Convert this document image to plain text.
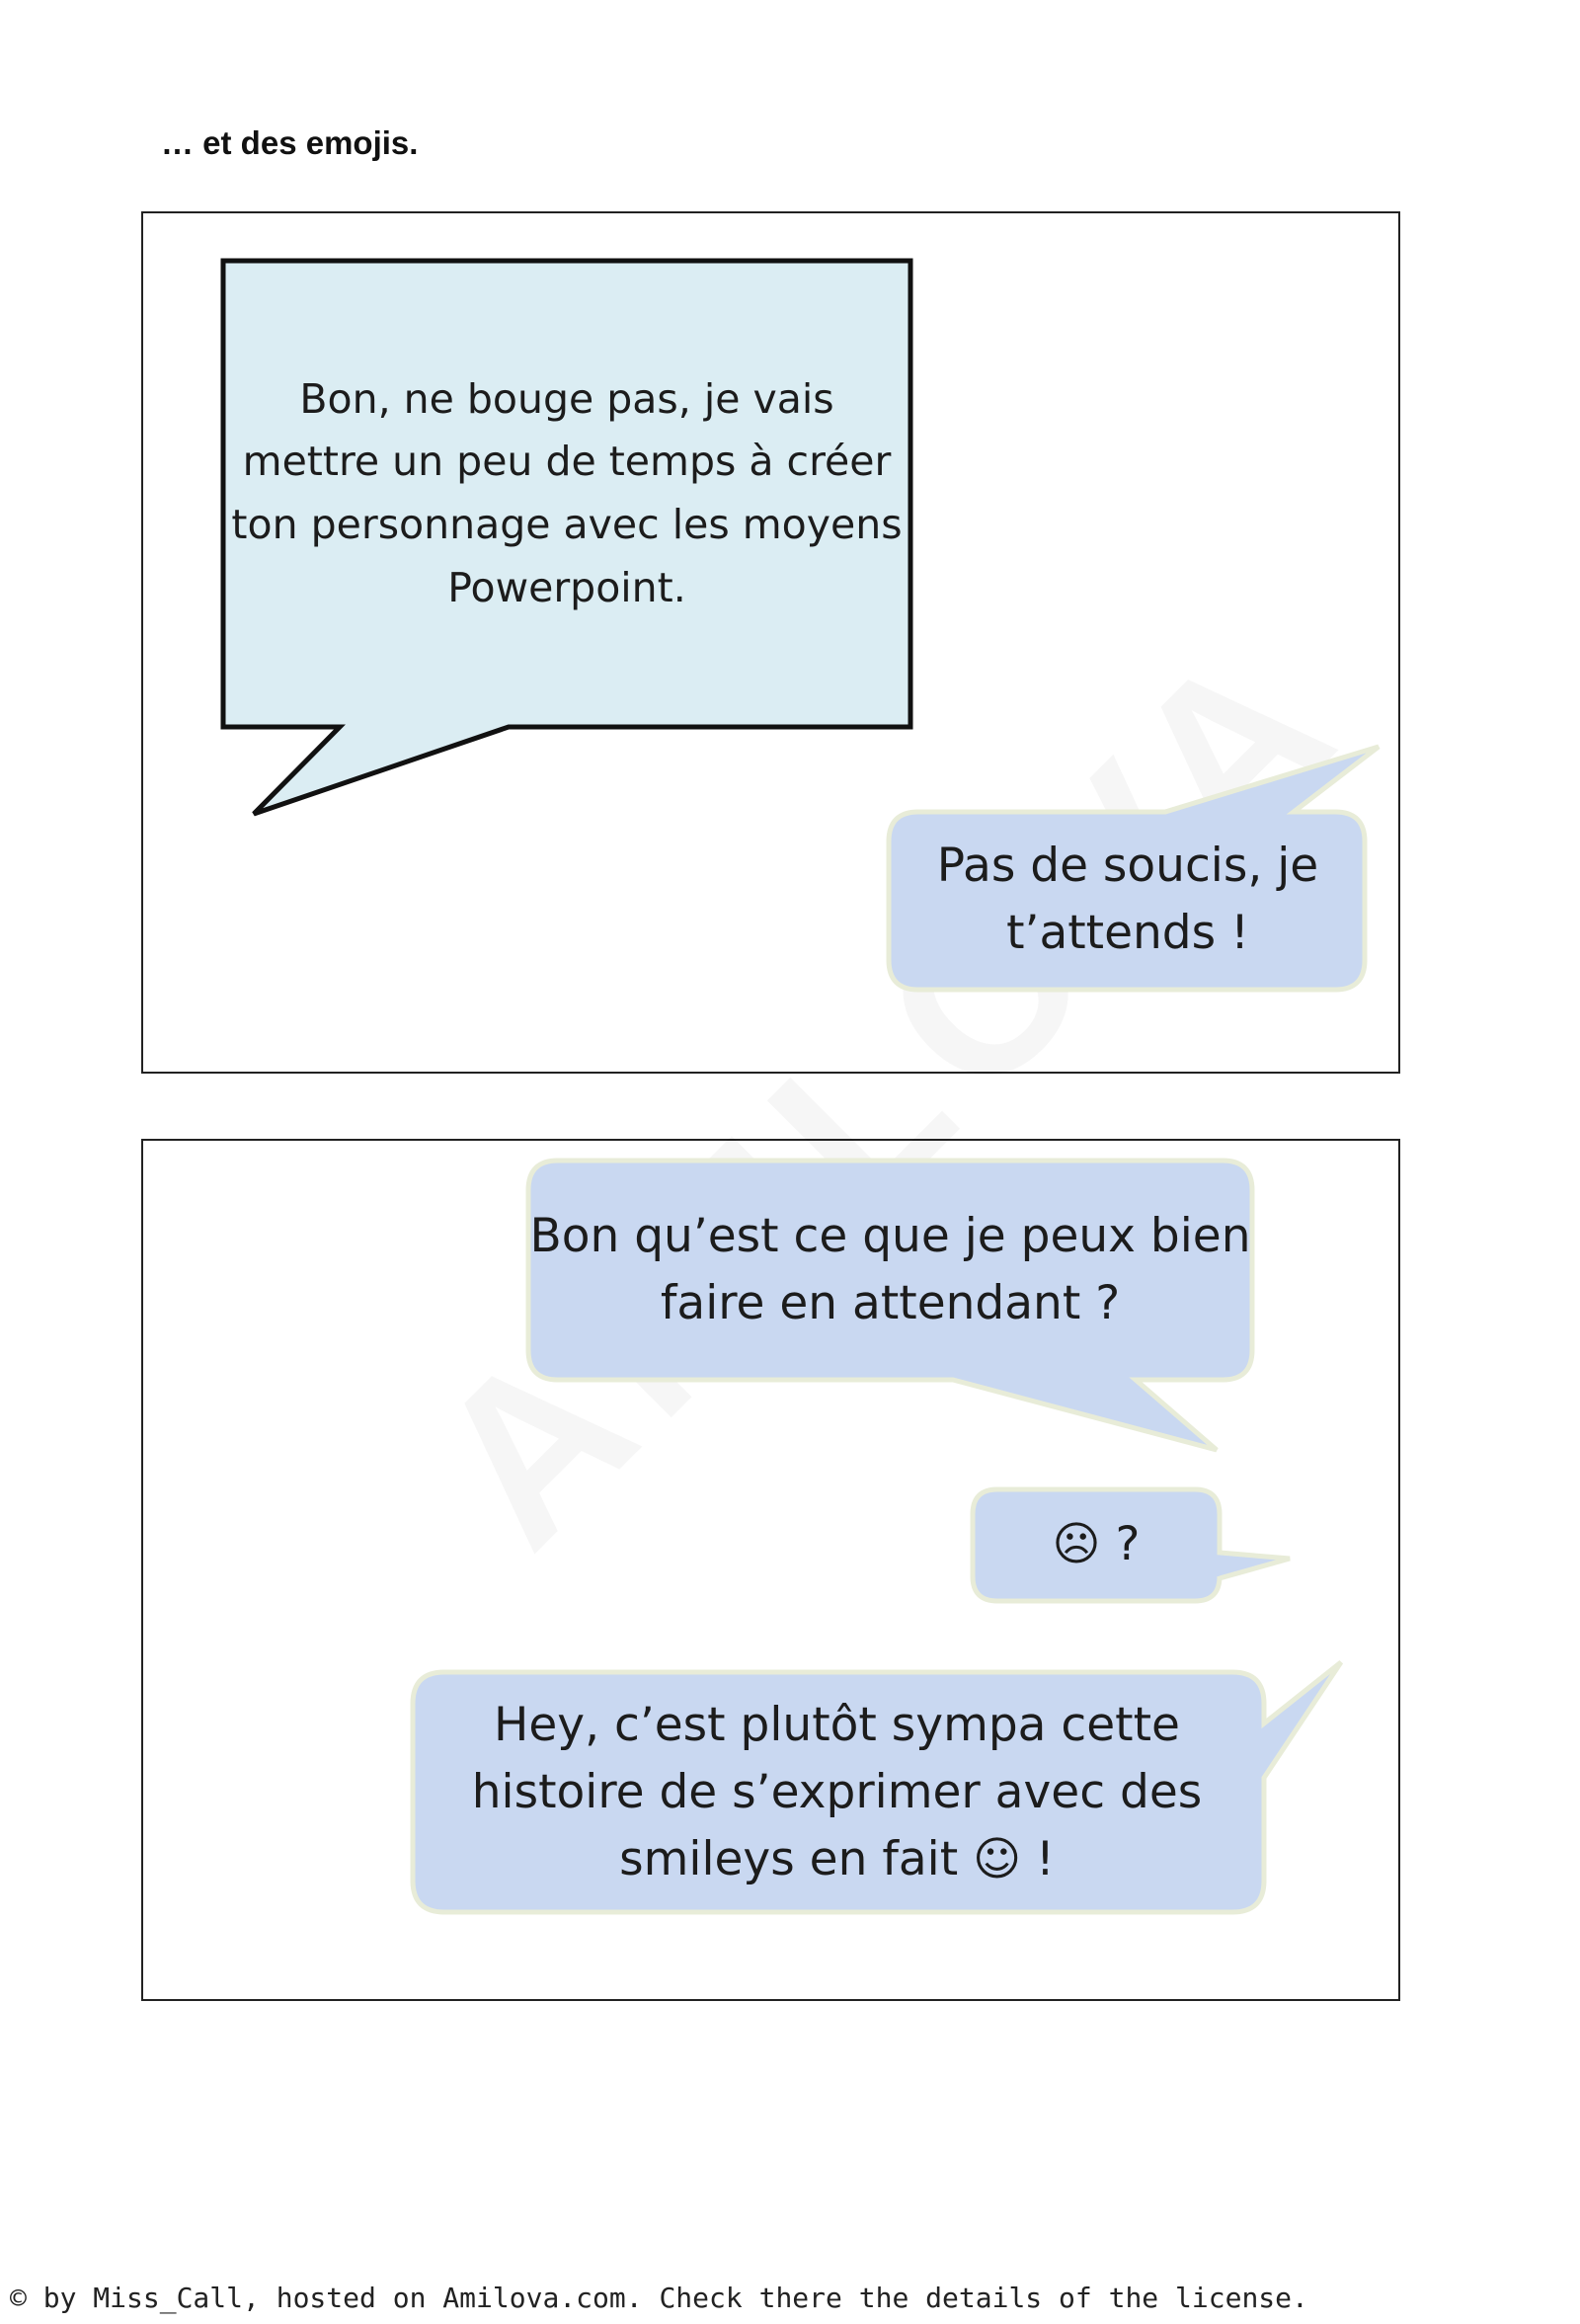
… et des emojis.
Bon, ne bouge pas, je vais mettre un peu de temps à créer ton personnage avec les moyens Powerpoint.
Pas de soucis, je t’attends !
Bon qu’est ce que je peux bien faire en attendant ?
☹ ?
Hey, c’est plutôt sympa cette histoire de s’exprimer avec des smileys en fait ☺ !
© by Miss_Call, hosted on Amilova.com. Check there the details of the license.
